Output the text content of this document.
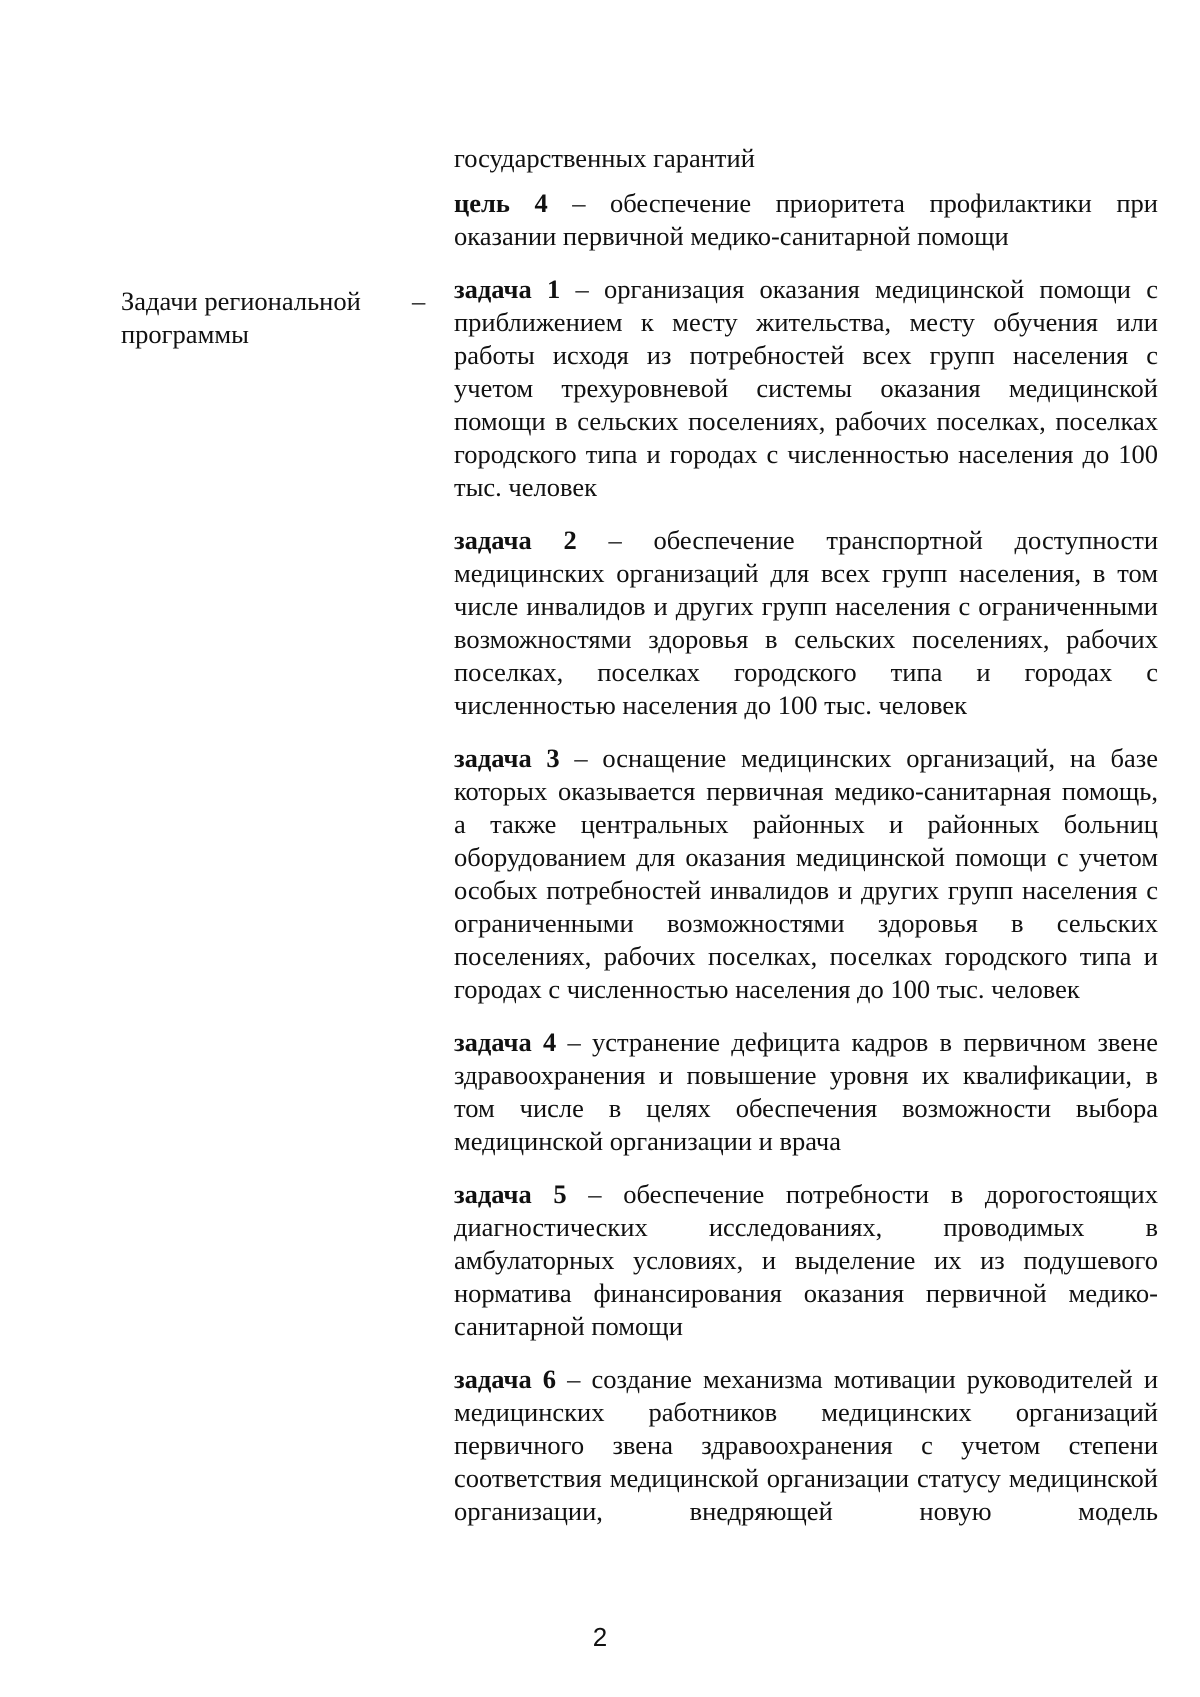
Задачи региональной программы
–

государственных гарантий

цель 4 – обеспечение приоритета профилактики при оказании первичной медико-санитарной помощи

задача 1 – организация оказания медицинской помощи с приближением к месту жительства, месту обучения или работы исходя из потребностей всех групп населения с учетом трехуровневой системы оказания медицинской помощи в сельских поселениях, рабочих поселках, поселках городского типа и городах с численностью населения до 100 тыс. человек

задача 2 – обеспечение транспортной доступности медицинских организаций для всех групп населения, в том числе инвалидов и других групп населения с ограниченными возможностями здоровья в сельских поселениях, рабочих поселках, поселках городского типа и городах с численностью населения до 100 тыс. человек

задача 3 – оснащение медицинских организаций, на базе которых оказывается первичная медико-санитарная помощь, а также центральных районных и районных больниц оборудованием для оказания медицинской помощи с учетом особых потребностей инвалидов и других групп населения с ограниченными возможностями здоровья в сельских поселениях, рабочих поселках, поселках городского типа и городах с численностью населения до 100 тыс. человек

задача 4 – устранение дефицита кадров в первичном звене здравоохранения и повышение уровня их квалификации, в том числе в целях обеспечения возможности выбора медицинской организации и врача

задача 5 – обеспечение потребности в дорогостоящих диагностических исследованиях, проводимых в амбулаторных условиях, и выделение их из подушевого норматива финансирования оказания первичной медико-санитарной помощи

задача 6 – создание механизма мотивации руководителей и медицинских работников медицинских организаций первичного звена здравоохранения с учетом степени соответствия медицинской организации статусу медицинской организации, внедряющей новую модель

2
